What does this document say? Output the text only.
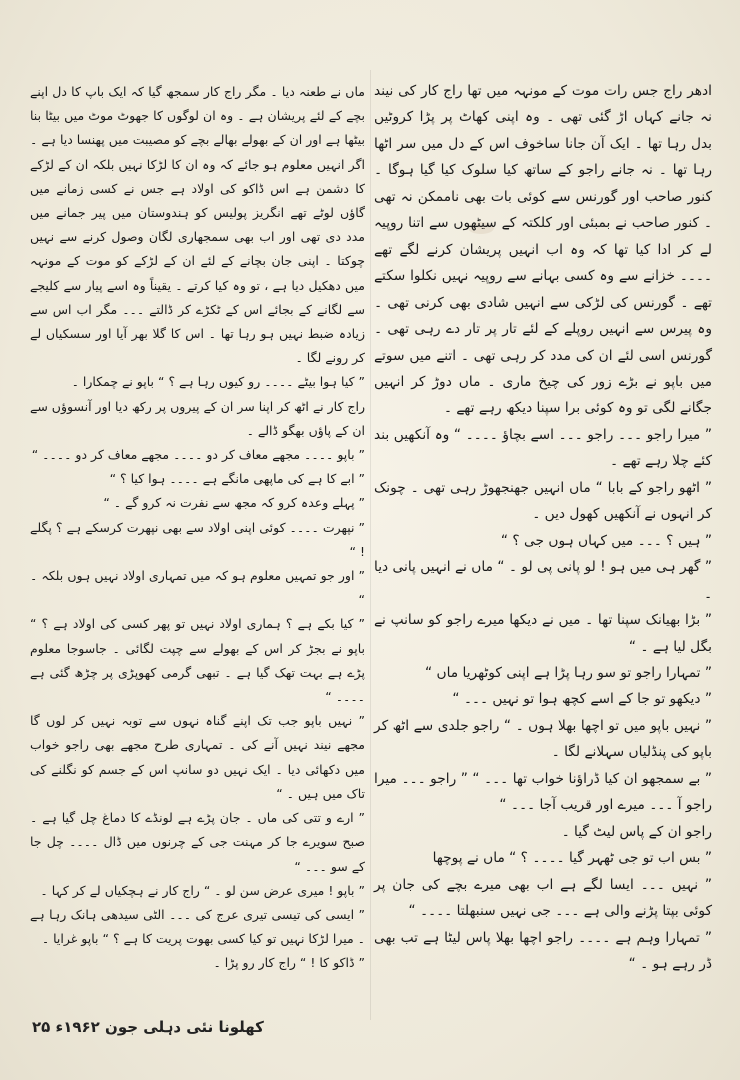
ادھر راج جس رات موت کے مونہہ میں تھا راج کار کی نیند نہ جانے کہاں اڑ گئی تھی ۔ وہ اپنی کھاٹ پر پڑا کروٹیں بدل رہا تھا ۔ ایک آن جانا ساخوف اس کے دل میں سر اٹھا رہا تھا ۔ نہ جانے راجو کے ساتھ کیا سلوک کیا گیا ہوگا ۔ کنور صاحب اور گورنس سے کوئی بات بھی ناممکن نہ تھی ۔ کنور صاحب نے بمبئی اور کلکتہ کے سیٹھوں سے اتنا روپیہ لے کر ادا کیا تھا کہ وہ اب انہیں پریشان کرنے لگے تھے ۔۔۔۔ خزانے سے وہ کسی بہانے سے روپیہ نہیں نکلوا سکتے تھے ۔ گورنس کی لڑکی سے انہیں شادی بھی کرنی تھی ۔ وہ پیرس سے انہیں روپلے کے لئے تار پر تار دے رہی تھی ۔ گورنس اسی لئے ان کی مدد کر رہی تھی ۔ اتنے میں سوتے میں باپو نے بڑے زور کی چیخ ماری ۔ ماں دوڑ کر انہیں جگانے لگی تو وہ کوئی برا سپنا دیکھ رہے تھے ۔

” میرا راجو ۔۔۔ راجو ۔۔۔ اسے بچاؤ ۔۔۔۔ “ وہ آنکھیں بند کئے چلا رہے تھے ۔

” اٹھو راجو کے بابا “ ماں انہیں جھنجھوڑ رہی تھی ۔ چونک کر انہوں نے آنکھیں کھول دیں ۔

” ہیں ؟ ۔۔۔ میں کہاں ہوں جی ؟ “

” گھر ہی میں ہو ! لو پانی پی لو ۔ “ ماں نے انہیں پانی دیا ۔

” بڑا بھیانک سپنا تھا ۔ میں نے دیکھا میرے راجو کو سانپ نے بگل لیا ہے ۔ “

” تمہارا راجو تو سو رہا پڑا ہے اپنی کوٹھریا ماں “

” دیکھو تو جا کے اسے کچھ ہوا تو نہیں ۔۔۔ “

” نہیں باپو میں تو اچھا بھلا ہوں ۔ “ راجو جلدی سے اٹھ کر باپو کی پنڈلیاں سہلانے لگا ۔

” بے سمجھو ان کیا ڈراؤنا خواب تھا ۔۔۔ “ ” راجو ۔۔۔ میرا راجو آ ۔۔۔ میرے اور قریب آجا ۔۔۔ “

راجو ان کے پاس لیٹ گیا ۔

” بس اب تو جی ٹھہر گیا ۔۔۔۔ ؟ “ ماں نے پوچھا

” نہیں ۔۔۔ ایسا لگے ہے اب بھی میرے بچے کی جان پر کوئی بپتا پڑنے والی ہے ۔۔۔ جی نہیں سنبھلتا ۔۔۔۔ “

” تمہارا وہم ہے ۔۔۔۔ راجو اچھا بھلا پاس لیٹا ہے تب بھی ڈر رہے ہو ۔ “

ماں نے طعنہ دیا ۔ مگر راج کار سمجھ گیا کہ ایک باپ کا دل اپنے بچے کے لئے پریشان ہے ۔ وہ ان لوگوں کا جھوٹ موٹ میں بیٹا بنا بیٹھا ہے اور ان کے بھولے بھالے بچے کو مصیبت میں پھنسا دیا ہے ۔ اگر انہیں معلوم ہو جائے کہ وہ ان کا لڑکا نہیں بلکہ ان کے لڑکے کا دشمن ہے اس ڈاکو کی اولاد ہے جس نے کسی زمانے میں گاؤں لوٹے تھے انگریز پولیس کو ہندوستان میں پیر جمانے میں مدد دی تھی اور اب بھی سمجھاری لگان وصول کرنے سے نہیں چوکتا ۔ اپنی جان بچانے کے لئے ان کے لڑکے کو موت کے مونہہ میں دھکیل دیا ہے ، تو وہ کیا کرتے ۔ یقیناً وہ اسے پیار سے کلیجے سے لگانے کے بجائے اس کے ٹکڑے کر ڈالتے ۔۔۔ مگر اب اس سے زیادہ ضبط نہیں ہو رہا تھا ۔ اس کا گلا بھر آیا اور سسکیاں لے کر رونے لگا ۔

” کیا ہوا بیٹے ۔۔۔۔ رو کیوں رہا ہے ؟ “ باپو نے چمکارا ۔

راج کار نے اٹھ کر اپنا سر ان کے پیروں پر رکھ دیا اور آنسوؤں سے ان کے پاؤں بھگو ڈالے ۔

” باپو ۔۔۔۔ مجھے معاف کر دو ۔۔۔۔ مجھے معاف کر دو ۔۔۔۔ “

” ابے کا ہے کی ماپھی مانگے ہے ۔۔۔۔ ہوا کیا ؟ “

” پہلے وعدہ کرو کہ مجھ سے نفرت نہ کرو گے ۔ “

” نپھرت ۔۔۔۔ کوئی اپنی اولاد سے بھی نپھرت کرسکے ہے ؟ پگلے ! “

” اور جو تمہیں معلوم ہو کہ میں تمہاری اولاد نہیں ہوں بلکہ ۔ “

” کیا بکے ہے ؟ ہماری اولاد نہیں تو پھر کسی کی اولاد ہے ؟ “ باپو نے بجڑ کر اس کے بھولے سے چپت لگائی ۔ جاسوجا معلوم پڑے ہے بہت تھک گیا ہے ۔ تبھی گرمی کھوپڑی پر چڑھ گئی ہے ۔۔۔۔ “

” نہیں باپو جب تک اپنے گناہ نہوں سے توبہ نہیں کر لوں گا مجھے نیند نہیں آنے کی ۔ تمہاری طرح مجھے بھی راجو خواب میں دکھائی دیا ۔ ایک نہیں دو سانپ اس کے جسم کو نگلنے کی تاک میں ہیں ۔ “

” ارے و تتی کی ماں ۔ جان پڑے ہے لونڈے کا دماغ چل گیا ہے ۔ صبح سویرے جا کر مہنت جی کے چرنوں میں ڈال ۔۔۔۔ چل جا کے سو ۔۔۔ “

” باپو ! میری عرض سن لو ۔ “ راج کار نے ہچکیاں لے کر کہا ۔

” ایسی کی تیسی تیری عرج کی ۔۔۔ الٹی سیدھی ہانک رہا ہے ۔ میرا لڑکا نہیں تو کیا کسی بھوت پریت کا ہے ؟ “ باپو غرایا ۔

” ڈاکو کا ! “ راج کار رو پڑا ۔

کھلونا نئی دہلی جون ۱۹۶۲ء ۲۵
